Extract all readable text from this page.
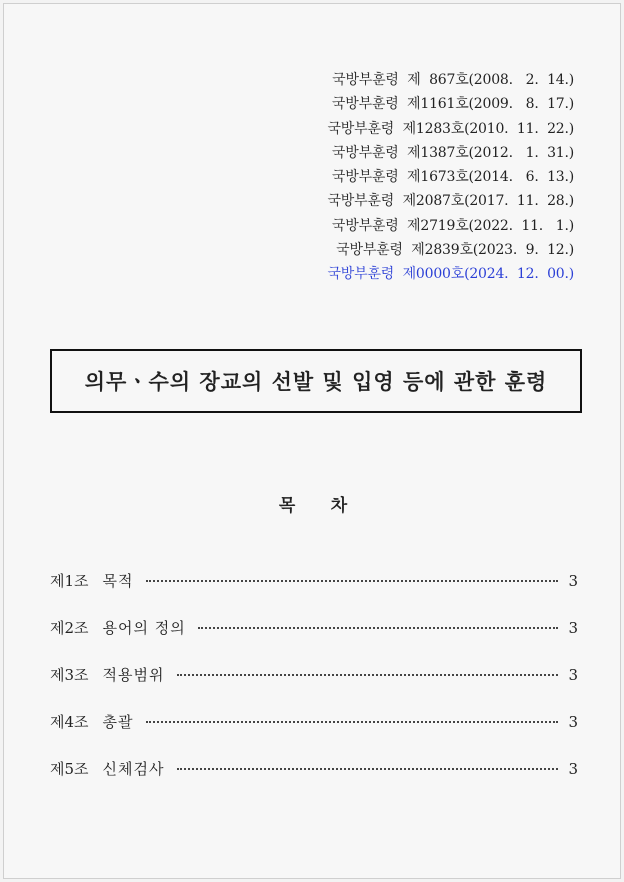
국방부훈령  제  867호(2008.   2.  14.)
국방부훈령  제1161호(2009.   8.  17.)
국방부훈령  제1283호(2010.  11.  22.)
국방부훈령  제1387호(2012.   1.  31.)
국방부훈령  제1673호(2014.   6.  13.)
국방부훈령  제2087호(2017.  11.  28.)
국방부훈령  제2719호(2022.  11.   1.)
국방부훈령  제2839호(2023.  9.  12.)
국방부훈령  제0000호(2024.  12.  00.)
의무ㆍ수의 장교의 선발 및 입영 등에 관한 훈령
목      차
제1조 목적	3
제2조 용어의 정의	3
제3조 적용범위	3
제4조 총괄	3
제5조 신체검사	3
